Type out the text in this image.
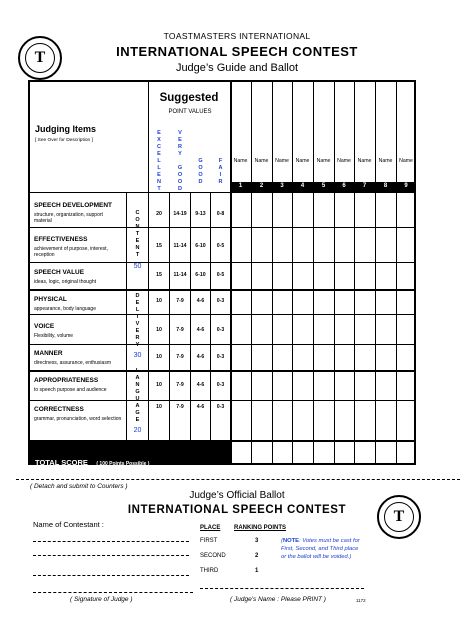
T
TOASTMASTERS INTERNATIONAL
INTERNATIONAL SPEECH CONTEST
Judge’s Guide and Ballot
Judging Items
[ See Over for Description ]
Suggested
POINT VALUES
E
X
C
E
L
L
E
N
T
V
E
R
Y

G
O
O
D
G
O
O
D
F
A
I
R
Name	Name	Name	Name	Name	Name	Name	Name	Name
1	2	3	4	5	6	7	8	9
C
O
N
T
E
N
T
50
D
E
L
I
V
E
R
Y
30
L
A
N
G
U
A
G
E
20
SPEECH DEVELOPMENT
structure, organization, support material
20	14-19	9-13	0-8
EFFECTIVENESS
achievement of purpose, interest, reception
15	11-14	6-10	0-5
SPEECH VALUE
ideas, logic, original thought
15	11-14	6-10	0-5
PHYSICAL
appearance, body language
10	7-9	4-6	0-3
VOICE
Flexibility, volume
10	7-9	4-6	0-3
MANNER
directness, assurance, enthusiasm
10	7-9	4-6	0-3
APPROPRIATENESS
to speech purpose and audience
10	7-9	4-6	0-3
CORRECTNESS
grammar, pronunciation, word selection
10	7-9	4-6	0-3
TOTAL SCORE ( 100 Points Possible )
( Detach and submit to Counters )
Judge’s Official Ballot
INTERNATIONAL SPEECH CONTEST	T
Name of Contestant :	PLACE RANKING POINTS
FIRST	3
SECOND	2
THIRD	1
(NOTE: Votes must be cast for First, Second, and Third place or the ballot will be voided.)
( Signature of Judge )	( Judge’s Name : Please PRINT )	1172
